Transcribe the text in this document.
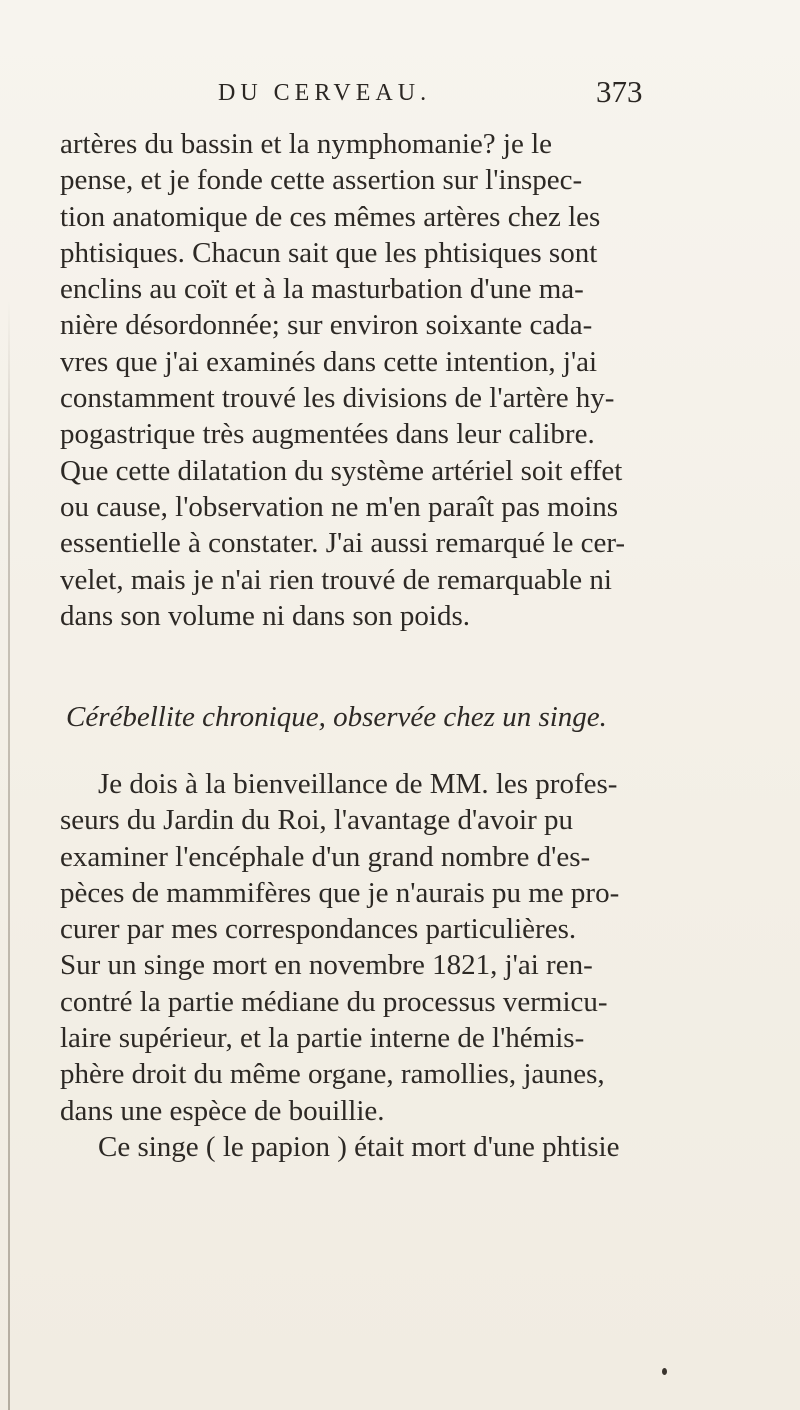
DU CERVEAU.	373
artères du bassin et la nymphomanie? je le
pense, et je fonde cette assertion sur l'inspec-
tion anatomique de ces mêmes artères chez les
phtisiques. Chacun sait que les phtisiques sont
enclins au coït et à la masturbation d'une ma-
nière désordonnée; sur environ soixante cada-
vres que j'ai examinés dans cette intention, j'ai
constamment trouvé les divisions de l'artère hy-
pogastrique très augmentées dans leur calibre.
Que cette dilatation du système artériel soit effet
ou cause, l'observation ne m'en paraît pas moins
essentielle à constater. J'ai aussi remarqué le cer-
velet, mais je n'ai rien trouvé de remarquable ni
dans son volume ni dans son poids.
Cérébellite chronique, observée chez un singe.
Je dois à la bienveillance de MM. les profes-
seurs du Jardin du Roi, l'avantage d'avoir pu
examiner l'encéphale d'un grand nombre d'es-
pèces de mammifères que je n'aurais pu me pro-
curer par mes correspondances particulières.
Sur un singe mort en novembre 1821, j'ai ren-
contré la partie médiane du processus vermicu-
laire supérieur, et la partie interne de l'hémis-
phère droit du même organe, ramollies, jaunes,
dans une espèce de bouillie.
Ce singe ( le papion ) était mort d'une phtisie
